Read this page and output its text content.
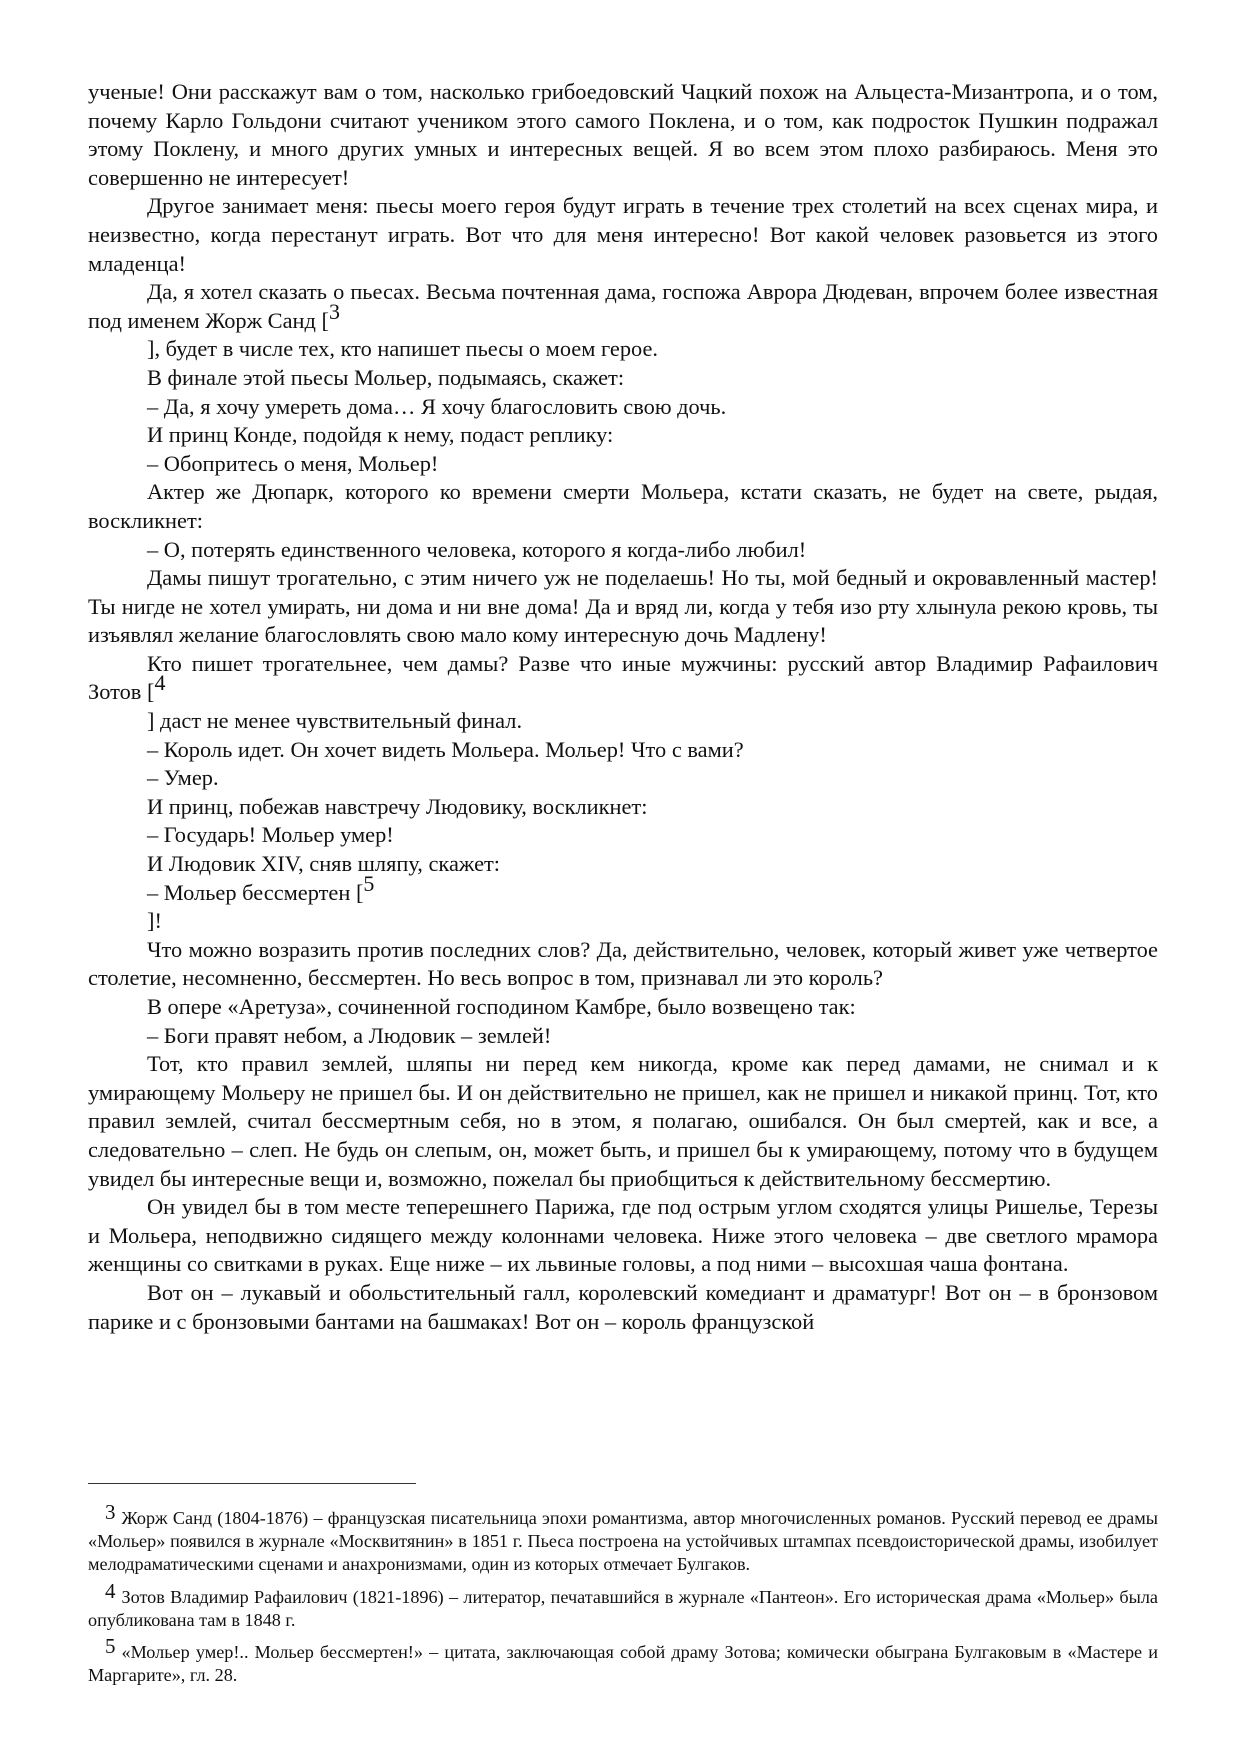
ученые! Они расскажут вам о том, насколько грибоедовский Чацкий похож на Альцеста-Мизантропа, и о том, почему Карло Гольдони считают учеником этого самого Поклена, и о том, как подросток Пушкин подражал этому Поклену, и много других умных и интересных вещей. Я во всем этом плохо разбираюсь. Меня это совершенно не интересует!

Другое занимает меня: пьесы моего героя будут играть в течение трех столетий на всех сценах мира, и неизвестно, когда перестанут играть. Вот что для меня интересно! Вот какой человек разовьется из этого младенца!

Да, я хотел сказать о пьесах. Весьма почтенная дама, госпожа Аврора Дюдеван, впрочем более известная под именем Жорж Санд [3

], будет в числе тех, кто напишет пьесы о моем герое.

В финале этой пьесы Мольер, подымаясь, скажет:

– Да, я хочу умереть дома… Я хочу благословить свою дочь.

И принц Конде, подойдя к нему, подаст реплику:

– Обопритесь о меня, Мольер!

Актер же Дюпарк, которого ко времени смерти Мольера, кстати сказать, не будет на свете, рыдая, воскликнет:

– О, потерять единственного человека, которого я когда-либо любил!

Дамы пишут трогательно, с этим ничего уж не поделаешь! Но ты, мой бедный и окровавленный мастер! Ты нигде не хотел умирать, ни дома и ни вне дома! Да и вряд ли, когда у тебя изо рту хлынула рекою кровь, ты изъявлял желание благословлять свою мало кому интересную дочь Мадлену!

Кто пишет трогательнее, чем дамы? Разве что иные мужчины: русский автор Владимир Рафаилович Зотов [4

] даст не менее чувствительный финал.

– Король идет. Он хочет видеть Мольера. Мольер! Что с вами?

– Умер.

И принц, побежав навстречу Людовику, воскликнет:

– Государь! Мольер умер!

И Людовик XIV, сняв шляпу, скажет:

– Мольер бессмертен [5

]!

Что можно возразить против последних слов? Да, действительно, человек, который живет уже четвертое столетие, несомненно, бессмертен. Но весь вопрос в том, признавал ли это король?

В опере «Аретуза», сочиненной господином Камбре, было возвещено так:

– Боги правят небом, а Людовик – землей!

Тот, кто правил землей, шляпы ни перед кем никогда, кроме как перед дамами, не снимал и к умирающему Мольеру не пришел бы. И он действительно не пришел, как не пришел и никакой принц. Тот, кто правил землей, считал бессмертным себя, но в этом, я полагаю, ошибался. Он был смертей, как и все, а следовательно – слеп. Не будь он слепым, он, может быть, и пришел бы к умирающему, потому что в будущем увидел бы интересные вещи и, возможно, пожелал бы приобщиться к действительному бессмертию.

Он увидел бы в том месте теперешнего Парижа, где под острым углом сходятся улицы Ришелье, Терезы и Мольера, неподвижно сидящего между колоннами человека. Ниже этого человека – две светлого мрамора женщины со свитками в руках. Еще ниже – их львиные головы, а под ними – высохшая чаша фонтана.

Вот он – лукавый и обольстительный галл, королевский комедиант и драматург! Вот он – в бронзовом парике и с бронзовыми бантами на башмаках! Вот он – король французской

3 Жорж Санд (1804-1876) – французская писательница эпохи романтизма, автор многочисленных романов. Русский перевод ее драмы «Мольер» появился в журнале «Москвитянин» в 1851 г. Пьеса построена на устойчивых штампах псевдоисторической драмы, изобилует мелодраматическими сценами и анахронизмами, один из которых отмечает Булгаков.

4 Зотов Владимир Рафаилович (1821-1896) – литератор, печатавшийся в журнале «Пантеон». Его историческая драма «Мольер» была опубликована там в 1848 г.

5 «Мольер умер!.. Мольер бессмертен!» – цитата, заключающая собой драму Зотова; комически обыграна Булгаковым в «Мастере и Маргарите», гл. 28.
